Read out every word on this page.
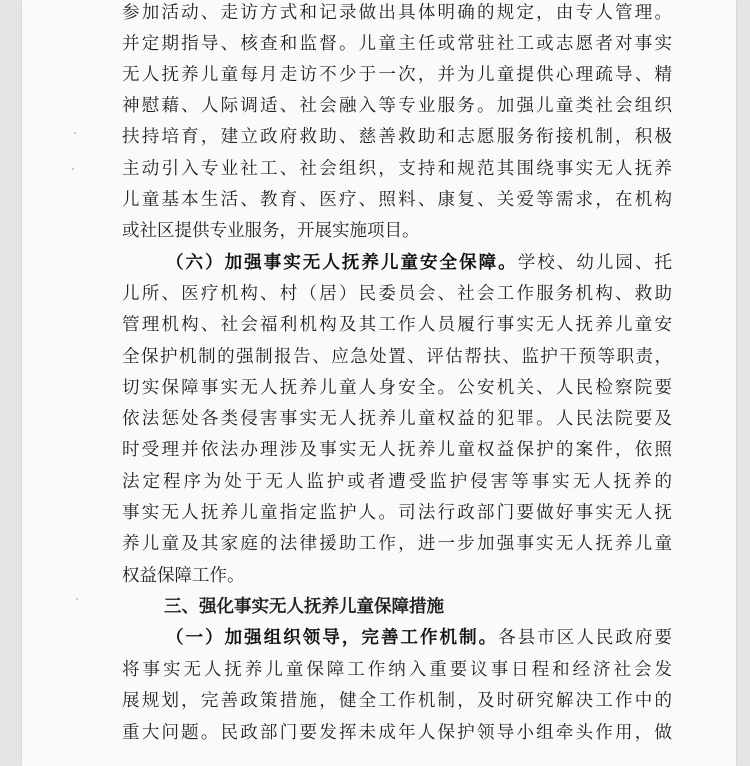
参加活动、走访方式和记录做出具体明确的规定，由专人管理。
并定期指导、核查和监督。儿童主任或常驻社工或志愿者对事实
无人抚养儿童每月走访不少于一次，并为儿童提供心理疏导、精
神慰藉、人际调适、社会融入等专业服务。加强儿童类社会组织
扶持培育，建立政府救助、慈善救助和志愿服务衔接机制，积极
主动引入专业社工、社会组织，支持和规范其围绕事实无人抚养
儿童基本生活、教育、医疗、照料、康复、关爱等需求，在机构
或社区提供专业服务，开展实施项目。
（六）加强事实无人抚养儿童安全保障。学校、幼儿园、托
儿所、医疗机构、村（居）民委员会、社会工作服务机构、救助
管理机构、社会福利机构及其工作人员履行事实无人抚养儿童安
全保护机制的强制报告、应急处置、评估帮扶、监护干预等职责，
切实保障事实无人抚养儿童人身安全。公安机关、人民检察院要
依法惩处各类侵害事实无人抚养儿童权益的犯罪。人民法院要及
时受理并依法办理涉及事实无人抚养儿童权益保护的案件，依照
法定程序为处于无人监护或者遭受监护侵害等事实无人抚养的
事实无人抚养儿童指定监护人。司法行政部门要做好事实无人抚
养儿童及其家庭的法律援助工作，进一步加强事实无人抚养儿童
权益保障工作。
三、强化事实无人抚养儿童保障措施
（一）加强组织领导，完善工作机制。各县市区人民政府要
将事实无人抚养儿童保障工作纳入重要议事日程和经济社会发
展规划，完善政策措施，健全工作机制，及时研究解决工作中的
重大问题。民政部门要发挥未成年人保护领导小组牵头作用，做
